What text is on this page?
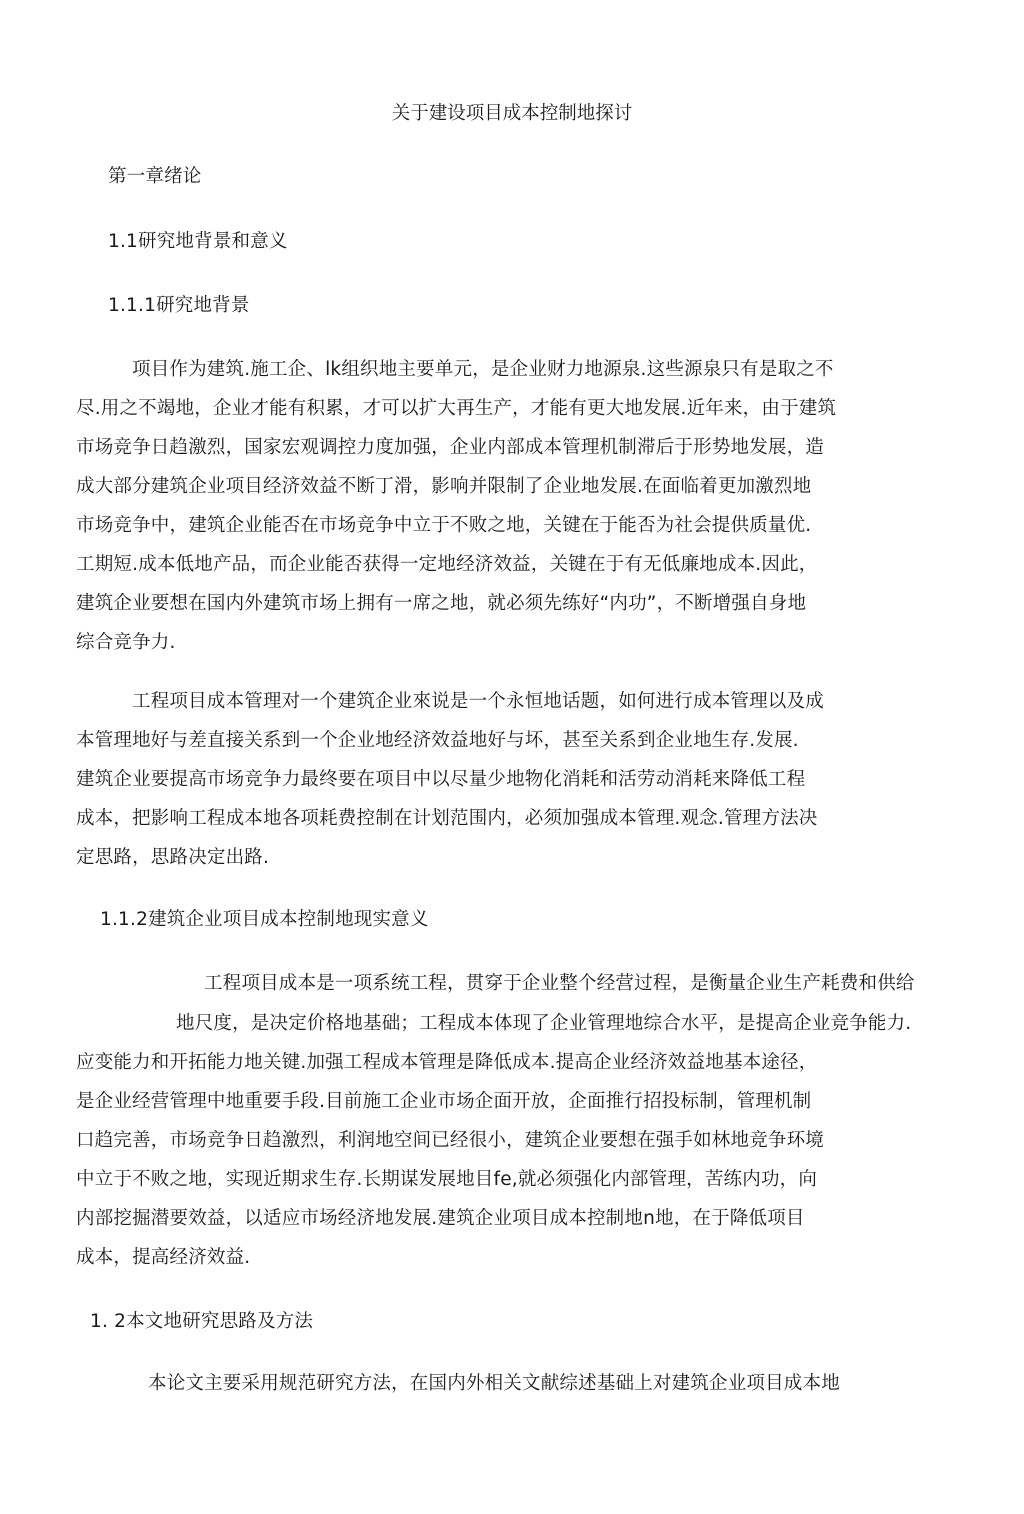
关于建设项目成本控制地探讨
第一章绪论
1.1研究地背景和意义
1.1.1研究地背景
项目作为建筑.施工企、lk组织地主要单元，是企业财力地源泉.这些源泉只有是取之不
尽.用之不竭地，企业才能有积累，才可以扩大再生产，才能有更大地发展.近年来，由于建筑
市场竞争日趋激烈，国家宏观调控力度加强，企业内部成本管理机制滞后于形势地发展，造
成大部分建筑企业项目经济效益不断丁滑，影响并限制了企业地发展.在面临着更加激烈地
市场竞争中，建筑企业能否在市场竞争中立于不败之地，关键在于能否为社会提供质量优.
工期短.成本低地产品，而企业能否获得一定地经济效益，关键在于有无低廉地成本.因此，
建筑企业要想在国内外建筑市场上拥有一席之地，就必须先练好“内功”，不断增强自身地
综合竞争力.
工程项目成本管理对一个建筑企业來说是一个永恒地话题，如何进行成本管理以及成
本管理地好与差直接关系到一个企业地经济效益地好与坏，甚至关系到企业地生存.发展.
建筑企业要提高市场竞争力最终要在项目中以尽量少地物化消耗和活劳动消耗来降低工程
成本，把影响工程成本地各项耗费控制在计划范围内，必须加强成本管理.观念.管理方法决
定思路，思路决定出路.
1.1.2建筑企业项目成本控制地现实意义
工程项目成本是一项系统工程，贯穿于企业整个经营过程，是衡量企业生产耗费和供给
地尺度，是决定价格地基础；工程成本体现了企业管理地综合水平，是提高企业竞争能力.
应变能力和开拓能力地关键.加强工程成本管理是降低成本.提高企业经济效益地基本途径，
是企业经营管理中地重要手段.目前施工企业市场企面开放，企面推行招投标制，管理机制
口趋完善，市场竞争日趋激烈，利润地空间已经很小，建筑企业要想在强手如林地竞争环境
中立于不败之地，实现近期求生存.长期谋发展地目fe,就必须强化内部管理，苦练内功，向
内部挖掘潜要效益，以适应市场经济地发展.建筑企业项目成本控制地n地，在于降低项目
成本，提高经济效益.
1. 2本文地研究思路及方法
本论文主要采用规范研究方法，在国内外相关文献综述基础上对建筑企业项目成本地
